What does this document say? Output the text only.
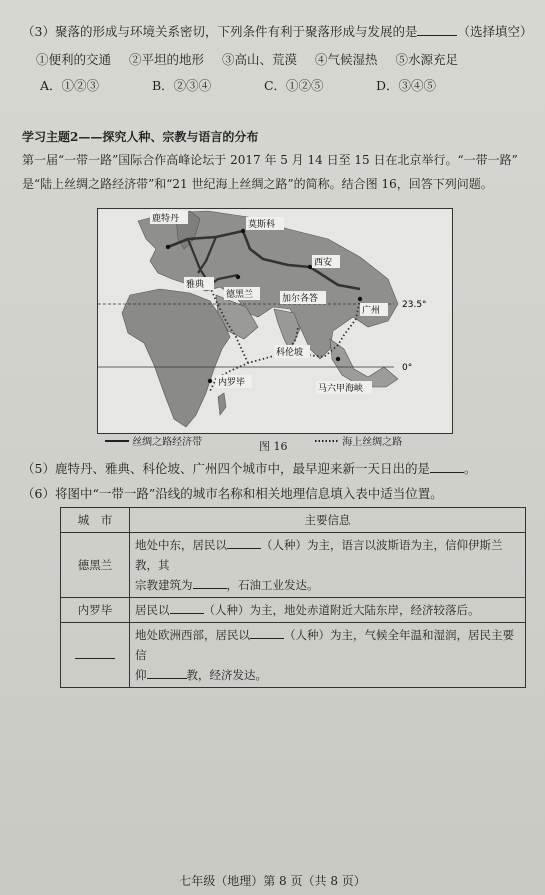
（3）聚落的形成与环境关系密切，下列条件有利于聚落形成与发展的是	（选择填空）
①便利的交通 ②平坦的地形 ③高山、荒漠 ④气候湿热 ⑤水源充足
A．①②③	B．②③④	C．①②⑤	D．③④⑤
学习主题2——探究人种、宗教与语言的分布
第一届“一带一路”国际合作高峰论坛于 2017 年 5 月 14 日至 15 日在北京举行。“一带一路”
是“陆上丝绸之路经济带”和“21 世纪海上丝绸之路”的简称。结合图 16，回答下列问题。
鹿特丹
莫斯科
雅典
德黑兰
西安
加尔各答
广州
科伦坡
内罗毕
马六甲海峡
23.5°
0°
丝绸之路经济带	海上丝绸之路
图 16
（5）鹿特丹、雅典、科伦坡、广州四个城市中，最早迎来新一天日出的是	。
（6）将图中“一带一路”沿线的城市名称和相关地理信息填入表中适当位置。
城　市	主要信息
德黑兰	地处中东，居民以 （人种）为主，语言以波斯语为主，信仰伊斯兰教，其
宗教建筑为 ，石油工业发达。
内罗毕	居民以 （人种）为主，地处赤道附近大陆东岸，经济较落后。
	地处欧洲西部，居民以 （人种）为主，气候全年温和湿润，居民主要信
仰 教，经济发达。
七年级（地理）第 8 页（共 8 页）
